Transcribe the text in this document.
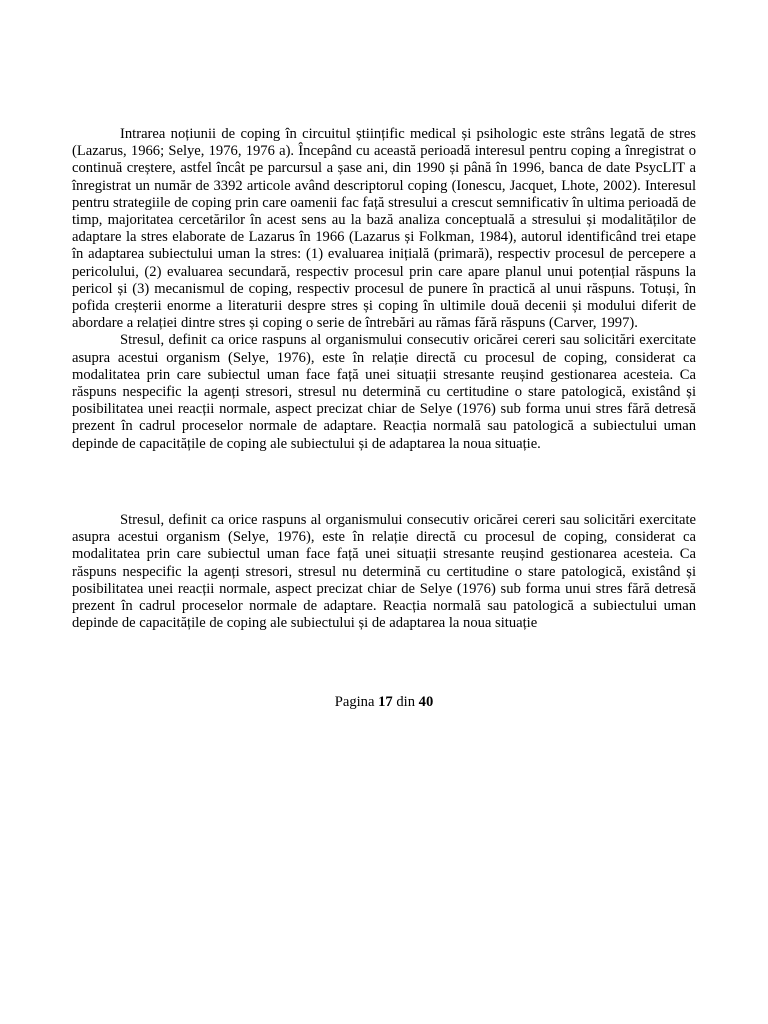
Intrarea noțiunii de coping în circuitul științific medical și psihologic este strâns legată de stres (Lazarus, 1966; Selye, 1976, 1976 a). Începând cu această perioadă interesul pentru coping a înregistrat o continuă creștere, astfel încât pe parcursul a șase ani, din 1990 și până în 1996, banca de date PsycLIT a înregistrat un număr de 3392 articole având descriptorul coping (Ionescu, Jacquet, Lhote, 2002). Interesul pentru strategiile de coping prin care oamenii fac față stresului a crescut semnificativ în ultima perioadă de timp, majoritatea cercetărilor în acest sens au la bază analiza conceptuală a stresului și modalităților de adaptare la stres elaborate de Lazarus în 1966 (Lazarus și Folkman, 1984), autorul identificând trei etape în adaptarea subiectului uman la stres: (1) evaluarea inițială (primară), respectiv procesul de percepere a pericolului, (2) evaluarea secundară, respectiv procesul prin care apare planul unui potențial răspuns la pericol și (3) mecanismul de coping, respectiv procesul de punere în practică al unui răspuns. Totuși, în pofida creșterii enorme a literaturii despre stres și coping în ultimile două decenii și modului diferit de abordare a relației dintre stres și coping o serie de întrebări au rămas fără răspuns (Carver, 1997).

Stresul, definit ca orice raspuns al organismului consecutiv oricărei cereri sau solicitări exercitate asupra acestui organism (Selye, 1976), este în relație directă cu procesul de coping, considerat ca modalitatea prin care subiectul uman face față unei situații stresante reușind gestionarea acesteia. Ca răspuns nespecific la agenți stresori, stresul nu determină cu certitudine o stare patologică, existând și posibilitatea unei reacții normale, aspect precizat chiar de Selye (1976) sub forma unui stres fără detresă prezent în cadrul proceselor normale de adaptare. Reacția normală sau patologică a subiectului uman depinde de capacitățile de coping ale subiectului și de adaptarea la noua situație.

Stresul, definit ca orice raspuns al organismului consecutiv oricărei cereri sau solicitări exercitate asupra acestui organism (Selye, 1976), este în relație directă cu procesul de coping, considerat ca modalitatea prin care subiectul uman face față unei situații stresante reușind gestionarea acesteia. Ca răspuns nespecific la agenți stresori, stresul nu determină cu certitudine o stare patologică, existând și posibilitatea unei reacții normale, aspect precizat chiar de Selye (1976) sub forma unui stres fără detresă prezent în cadrul proceselor normale de adaptare. Reacția normală sau patologică a subiectului uman depinde de capacitățile de coping ale subiectului și de adaptarea la noua situație

Pagina 17 din 40
